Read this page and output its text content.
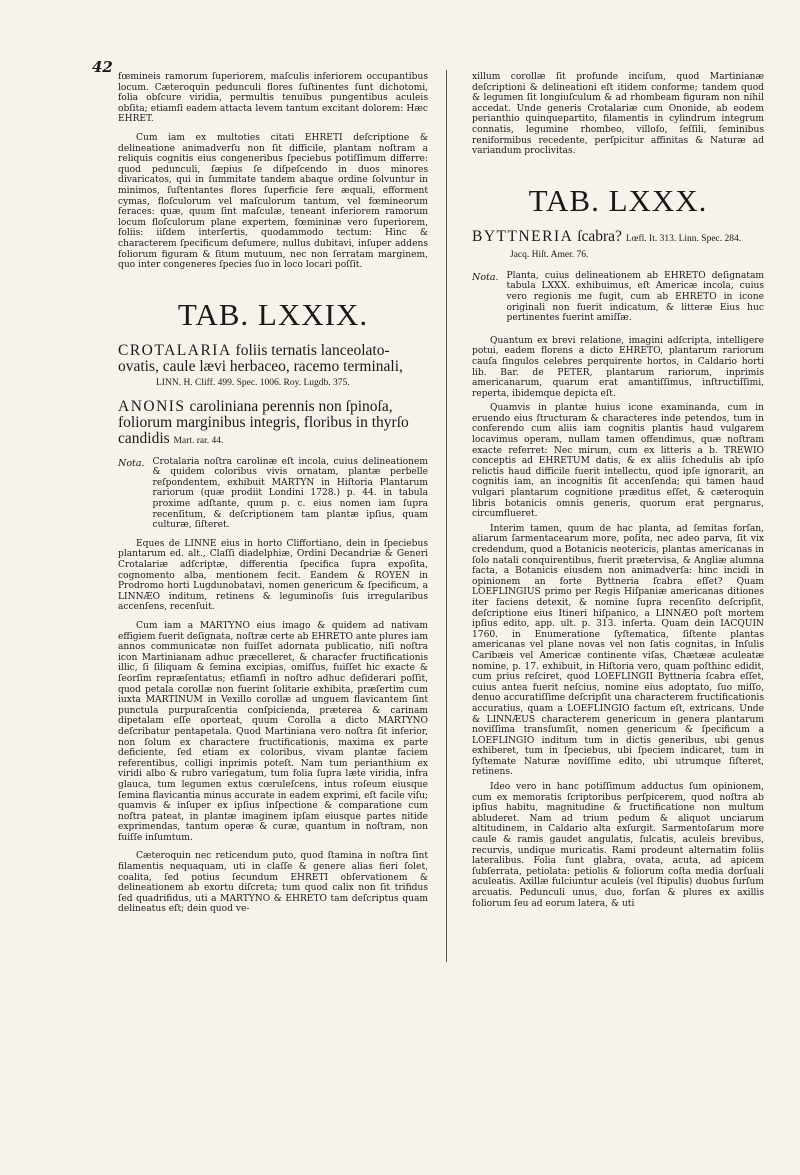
42

fœmineis ramorum ſuperiorem, maſculis inferiorem occupantibus locum. Cæteroquin pedunculi flores ſuſtinentes ſunt dichotomi, folia obſcure viridia, permultis tenuibus pungentibus aculeis obſita; etiamſi eadem attacta levem tantum excitant dolorem: Hæc EHRET.

Cum iam ex multoties citati EHRETI deſcriptione & delineatione animadverſu non ſit difficile, plantam noſtram a reliquis cognitis eius congeneribus ſpeciebus potiſſimum differre: quod pedunculi, ſæpius ſe diſpeſcendo in duos minores divaricatos, qui in ſummitate tandem abaque ordine ſolvuntur in minimos, ſuſtentantes flores ſuperficie fere æquali, efforment cymas, floſculorum vel maſculorum tantum, vel fœmineorum feraces: quæ, quum ſint maſculæ, teneant inferiorem ramorum locum floſculorum plane expertem, fœmininæ vero ſuperiorem, foliis: iiſdem interſertis, quodammodo tectum: Hinc & characterem ſpecificum deſumere, nullus dubitavi, inſuper addens foliorum figuram & ſitum mutuum, nec non ſerratam marginem, quo inter congeneres ſpecies ſuo in loco locari poſſit.

TAB. LXXIX.
CROTALARIA foliis ternatis lanceolato-ovatis, caule lævi herbaceo, racemo terminali,
LINN. H. Cliff. 499. Spec. 1006. Roy. Lugdb. 375.
ANONIS caroliniana perennis non ſpinoſa, foliorum marginibus integris, floribus in thyrſo candidis Mart. rar. 44.
Nota. Crotalaria noſtra carolinæ eſt incola, cuius delineationem & quidem coloribus vivis ornatam, plantæ perbelle reſpondentem, exhibuit MARTYN in Hiſtoria Plantarum rariorum (quæ prodiit Londini 1728.) p. 44. in tabula proxime adſtante, quum p. c. eius nomen iam ſupra recenſitum, & deſcriptionem tam plantæ ipſius, quam culturæ, ſiſteret.

Eques de LINNE eius in horto Cliffortiano, dein in ſpeciebus plantarum ed. alt., Claſſi diadelphiæ, Ordini Decandriæ & Generi Crotalariæ adſcriptæ, differentia ſpecifica ſupra expoſita, cognomento alba, mentionem fecit. Eandem & ROYEN in Prodromo horti Lugdunobatavi, nomen genericum & ſpecificum, a LINNÆO inditum, retinens & leguminoſis ſuis irregularibus accenſens, recenſuit.

Cum iam a MARTYNO eius imago & quidem ad nativam effigiem fuerit deſignata, noſtræ certe ab EHRETO ante plures iam annos communicatæ non fuiſſet adornata publicatio, niſi noſtra icon Martinianam adhuc præcelleret, & characťer fructificationis illic, ſi ſiliquam & ſemina excipias, omiſſus, fuiſſet hic exacte & ſeorſim repræſentatus; etſiamſi in noſtro adhuc deſiderari poſſit, quod petala corollæ non fuerint ſolitarie exhibita, præſertim cum iuxta MARTINUM in Vexillo corollæ ad unguem flavicantem ſint punctula purpuraſcentia conſpicienda, præterea & carinam dipetalam eſſe oporteat, quum Corolla a dicto MARTYNO deſcribatur pentapetala. Quod Martiniana vero noſtra ſit inferior, non ſolum ex charactere fructificationis, maxima ex parte deficiente, ſed etiam ex coloribus, vivam plantæ faciem referentibus, colligi inprimis poteſt. Nam tum perianthium ex viridi albo & rubro variegatum, tum folia ſupra læte viridia, infra glauca, tum legumen extus cœruleſcens, intus roſeum eiusque ſemina flavicantia minus accurate in eadem exprimi, eſt facile viſu; quamvis & inſuper ex ipſius inſpectione & comparatione cum noſtra pateat, in plantæ imaginem ipſam eiusque partes nitide exprimendas, tantum operæ & curæ, quantum in noſtram, non fuiſſe inſumtum.

Cæteroquin nec reticendum puto, quod ſtamina in noſtra ſint filamentis nequaquam, uti in claſſe & genere alias fieri ſolet, coalita, ſed potius ſecundum EHRETI obſervationem & delineationem ab exortu diſcreta; tum quod calix non ſit trifidus ſed quadrifidus, uti a MARTYNO & EHRETO tam deſcriptus quam delineatus eſt; dein quod ve-

xillum corollæ ſit profunde inciſum, quod Martinianæ deſcriptioni & delineationi eſt itidem conforme; tandem quod & legumen ſit longiuſculum & ad rhombeam figuram non nihil accedat. Unde generis Crotalariæ cum Ononide, ab eodem perianthio quinquepartito, filamentis in cylindrum integrum connatis, legumine rhombeo, villoſo, ſeſſili, ſeminibus reniformibus recedente, perſpicitur affinitas & Naturæ ad variandum proclivitas.

TAB. LXXX.
BYTTNERIA ſcabra? Lœfl. It. 313. Linn. Spec. 284.
Jacq. Hiſt. Amer. 76.
Nota. Planta, cuius delineationem ab EHRETO deſignatam tabula LXXX. exhibuimus, eſt Americæ incola, cuius vero regionis me fugit, cum ab EHRETO in icone originali non fuerit indicatum, & litteræ Eius huc pertinentes fuerint amiſſæ.

Quantum ex brevi relatione, imagini adſcripta, intelligere potui, eadem florens a dicto EHRETO, plantarum rariorum cauſa ſingulos celebres perquirente hortos, in Caldario horti lib. Bar. de PETER, plantarum rariorum, inprimis americanarum, quarum erat amantiſſimus, inſtructiſſimi, reperta, ibidemque depicta eſt.

Quamvis in plantæ huius icone examinanda, cum in eruendo eius ſtructuram & characteres inde petendos, tum in conferendo cum aliis iam cognitis plantis haud vulgarem locavimus operam, nullam tamen offendimus, quæ noſtram exacte referret: Nec mirum, cum ex litteris a b. TREWIO conceptis ad EHRETUM datis, & ex aliis ſchedulis ab ipſo relictis haud difficile fuerit intellectu, quod ipſe ignorarit, an cognitis iam, an incognitis ſit accenſenda; qui tamen haud vulgari plantarum cognitione præditus eſſet, & cæteroquin libris botanicis omnis generis, quorum erat pergnarus, circumflueret.

Interim tamen, quum de hac planta, ad ſemitas forſan, aliarum ſarmentacearum more, poſita, nec adeo parva, ſit vix credendum, quod a Botanicis neotericis, plantas americanas in ſolo natali conquirentibus, fuerit prætervisa, & Angliæ alumna facta, a Botanicis eiusdem non animadverſa: hinc incidi in opinionem an forte Byttneria ſcabra eſſet? Quam LOEFLINGIUS primo per Regis Hiſpaniæ americanas ditiones iter faciens detexit, & nomine ſupra recenſito deſcripſit, deſcriptione eius Itineri hiſpanico, a LINNÆO poſt mortem ipſius edito, app. ult. p. 313. inſerta. Quam dein IACQUIN 1760. in Enumeratione ſyſtematica, ſiſtente plantas americanas vel plane novas vel non ſatis cognitas, in Inſulis Caribæis vel Americæ continente viſas, Chætææ aculeatæ nomine, p. 17. exhibuit, in Hiſtoria vero, quam poſthinc edidit, cum prius reſciret, quod LOEFLINGII Byttneria ſcabra eſſet, cuius antea fuerit neſcius, nomine eius adoptato, ſuo miſſo, denuo accuratiſſime deſcripſit una characterem fructificationis accuratius, quam a LOEFLINGIO factum eſt, extricans. Unde & LINNÆUS characterem genericum in genera plantarum noviſſima transſumſit, nomen genericum & ſpecificum a LOEFLINGIO inditum tum in dictis generibus, ubi genus exhiberet, tum in ſpeciebus, ubi ſpeciem indicaret, tum in ſyſtemate Naturæ noviſſime edito, ubi utrumque ſiſteret, retinens.

Ideo vero in hanc potiſſimum adductus ſum opinionem, cum ex memoratis ſcriptoribus perſpicerem, quod noſtra ab ipſius habitu, magnitudine & fructificatione non multum abluderet. Nam ad trium pedum & aliquot unciarum altitudinem, in Caldario alta exſurgit. Sarmentoſarum more caule & ramis gaudet angulatis, ſulcatis, aculeis brevibus, recurvis, undique muricatis. Rami prodeunt alternatim foliis lateralibus. Folia ſunt glabra, ovata, acuta, ad apicem ſubſerrata, petiolata: petiolis & foliorum coſta media dorſuali aculeatis. Axillæ fulciuntur aculeis (vel ſtipulis) duobus ſurſum arcuatis. Pedunculi unus, duo, forſan & plures ex axillis foliorum ſeu ad eorum latera, & uti
